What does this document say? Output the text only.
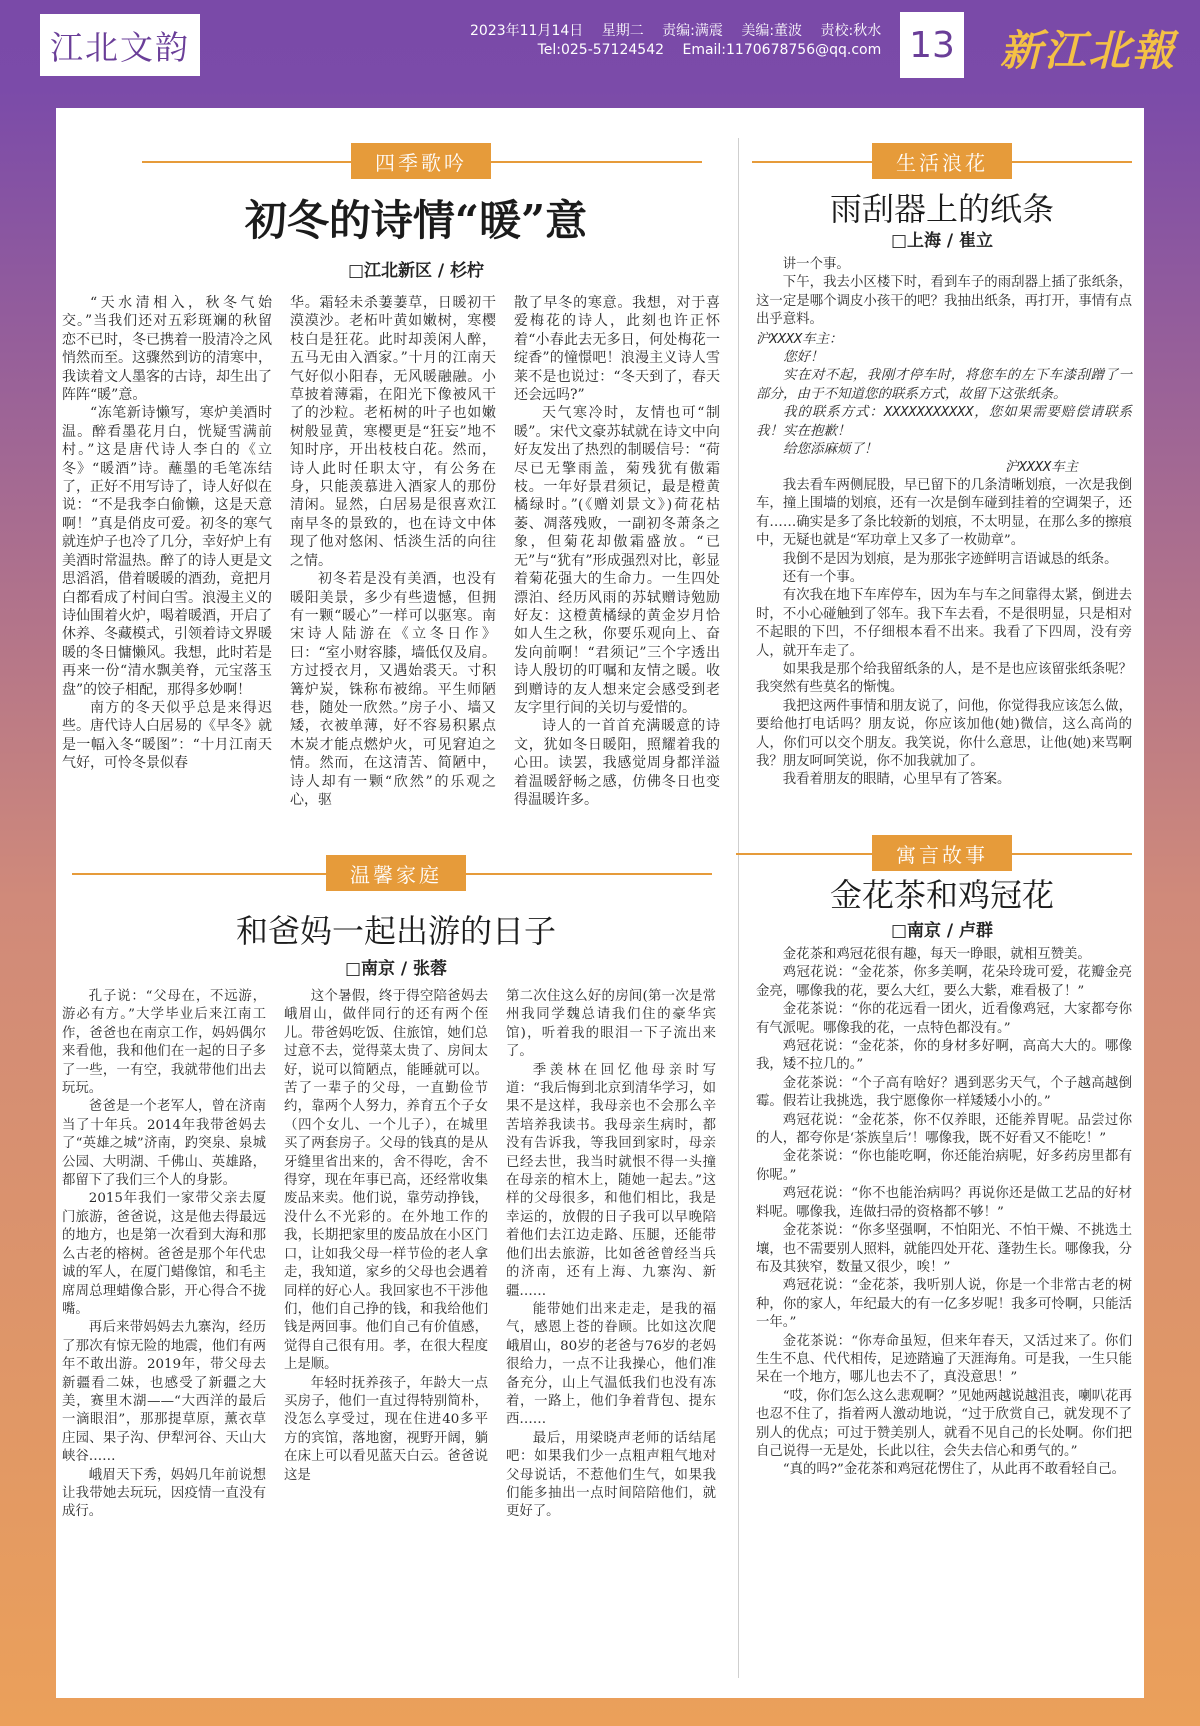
江北文韵	2023年11月14日 星期二 责编:满震 美编:董波 责校:秋水
Tel:025-57124542 Email:1170678756@qq.com 13 新江北報
四季歌吟
初冬的诗情“暖”意
□江北新区 / 杉柠

“天水清相入，秋冬气始交。”当我们还对五彩斑斓的秋留恋不已时，冬已携着一股清冷之风悄然而至。这骤然到访的清寒中，我读着文人墨客的古诗，却生出了阵阵“暖”意。

“冻笔新诗懒写，寒炉美酒时温。醉看墨花月白，恍疑雪满前村。”这是唐代诗人李白的《立冬》“暖酒”诗。蘸墨的毛笔冻结了，正好不用写诗了，诗人好似在说：“不是我李白偷懒，这是天意啊！”真是俏皮可爱。初冬的寒气就连炉子也冷了几分，幸好炉上有美酒时常温热。醉了的诗人更是文思滔滔，借着暖暖的酒劲，竟把月白都看成了村间白雪。浪漫主义的诗仙围着火炉，喝着暖酒，开启了休养、冬藏模式，引领着诗文界暖暖的冬日慵懒风。我想，此时若是再来一份“清水飘美脊，元宝落玉盘”的饺子相配，那得多妙啊！

南方的冬天似乎总是来得迟些。唐代诗人白居易的《早冬》就是一幅入冬“暖图”：“十月江南天气好，可怜冬景似春

华。霜轻未杀萋萋草，日暖初干漠漠沙。老柘叶黄如嫩树，寒樱枝白是狂花。此时却羡闲人醉，五马无由入酒家。”十月的江南天气好似小阳春，无风暖融融。小草披着薄霜，在阳光下像被风干了的沙粒。老柘树的叶子也如嫩树般显黄，寒樱更是“狂妄”地不知时序，开出枝枝白花。然而，诗人此时任职太守，有公务在身，只能羡慕进入酒家人的那份清闲。显然，白居易是很喜欢江南早冬的景致的，也在诗文中体现了他对悠闲、恬淡生活的向往之情。

初冬若是没有美酒，也没有暖阳美景，多少有些遗憾，但拥有一颗“暖心”一样可以驱寒。南宋诗人陆游在《立冬日作》曰：“室小财容膝，墙低仅及肩。方过授衣月，又遇始裘天。寸积篝炉炭，铢称布被绵。平生师陋巷，随处一欣然。”房子小、墙又矮，衣被单薄，好不容易积累点木炭才能点燃炉火，可见窘迫之情。然而，在这清苦、简陋中，诗人却有一颗“欣然”的乐观之心，驱

散了早冬的寒意。我想，对于喜爱梅花的诗人，此刻也许正怀着“小春此去无多日，何处梅花一绽香”的憧憬吧！浪漫主义诗人雪莱不是也说过：“冬天到了，春天还会远吗?”

天气寒冷时，友情也可“制暖”。宋代文豪苏轼就在诗文中向好友发出了热烈的制暖信号：“荷尽已无擎雨盖，菊残犹有傲霜枝。一年好景君须记，最是橙黄橘绿时。”(《赠刘景文》)荷花枯萎、凋落残败，一副初冬萧条之象，但菊花却傲霜盛放。“已无”与“犹有”形成强烈对比，彰显着菊花强大的生命力。一生四处漂泊、经历风雨的苏轼赠诗勉励好友：这橙黄橘绿的黄金岁月恰如人生之秋，你要乐观向上、奋发向前啊！“君须记”三个字透出诗人殷切的叮嘱和友情之暖。收到赠诗的友人想来定会感受到老友字里行间的关切与爱惜的。

诗人的一首首充满暖意的诗文，犹如冬日暖阳，照耀着我的心田。读罢，我感觉周身都洋溢着温暖舒畅之感，仿佛冬日也变得温暖许多。

温馨家庭
和爸妈一起出游的日子
□南京 / 张蓉

孔子说：“父母在，不远游，游必有方。”大学毕业后来江南工作，爸爸也在南京工作，妈妈偶尔来看他，我和他们在一起的日子多了一些，一有空，我就带他们出去玩玩。

爸爸是一个老军人，曾在济南当了十年兵。2014年我带爸妈去了“英雄之城”济南，趵突泉、泉城公园、大明湖、千佛山、英雄路，都留下了我们三个人的身影。

2015年我们一家带父亲去厦门旅游，爸爸说，这是他去得最远的地方，也是第一次看到大海和那么古老的榕树。爸爸是那个年代忠诚的军人，在厦门蜡像馆，和毛主席周总理蜡像合影，开心得合不拢嘴。

再后来带妈妈去九寨沟，经历了那次有惊无险的地震，他们有两年不敢出游。2019年，带父母去新疆看二妹，也感受了新疆之大美，赛里木湖——“大西洋的最后一滴眼泪”，那那提草原，薰衣草庄园、果子沟、伊犁河谷、天山大峡谷……

峨眉天下秀，妈妈几年前说想让我带她去玩玩，因疫情一直没有成行。

这个暑假，终于得空陪爸妈去峨眉山，做伴同行的还有两个侄儿。带爸妈吃饭、住旅馆，她们总过意不去，觉得菜太贵了、房间太好，说可以简陋点，能睡就可以。苦了一辈子的父母，一直勤俭节约，靠两个人努力，养育五个子女（四个女儿、一个儿子），在城里买了两套房子。父母的钱真的是从牙缝里省出来的，舍不得吃，舍不得穿，现在年事已高，还经常收集废品来卖。他们说，靠劳动挣钱，没什么不光彩的。在外地工作的我，长期把家里的废品放在小区门口，让如我父母一样节俭的老人拿走，我知道，家乡的父母也会遇着同样的好心人。我回家也不干涉他们，他们自己挣的钱，和我给他们钱是两回事。他们自己有价值感，觉得自己很有用。孝，在很大程度上是顺。

年轻时抚养孩子，年龄大一点买房子，他们一直过得特别简朴，没怎么享受过，现在住进40多平方的宾馆，落地窗，视野开阔，躺在床上可以看见蓝天白云。爸爸说这是

第二次住这么好的房间(第一次是常州我同学魏总请我们住的豪华宾馆)，听着我的眼泪一下子流出来了。

季羡林在回忆他母亲时写道：“我后悔到北京到清华学习，如果不是这样，我母亲也不会那么辛苦培养我读书。我母亲生病时，都没有告诉我，等我回到家时，母亲已经去世，我当时就恨不得一头撞在母亲的棺木上，随她一起去。”这样的父母很多，和他们相比，我是幸运的，放假的日子我可以早晚陪着他们去江边走路、压腿，还能带他们出去旅游，比如爸爸曾经当兵的济南，还有上海、九寨沟、新疆……

能带她们出来走走，是我的福气，感恩上苍的眷顾。比如这次爬峨眉山，80岁的老爸与76岁的老妈很给力，一点不让我操心，他们准备充分，山上气温低我们也没有冻着，一路上，他们争着背包、提东西……

最后，用梁晓声老师的话结尾吧：如果我们少一点粗声粗气地对父母说话，不惹他们生气，如果我们能多抽出一点时间陪陪他们，就更好了。

生活浪花
雨刮器上的纸条
□上海 / 崔立

讲一个事。

下午，我去小区楼下时，看到车子的雨刮器上插了张纸条，这一定是哪个调皮小孩干的吧？我抽出纸条，再打开，事情有点出乎意料。

沪XXXX车主：

您好！

实在对不起，我刚才停车时，将您车的左下车漆刮蹭了一部分，由于不知道您的联系方式，故留下这张纸条。

我的联系方式：XXXXXXXXXXX，您如果需要赔偿请联系我！实在抱歉！

给您添麻烦了！

沪XXXX车主

我去看车两侧屁股，早已留下的几条清晰划痕，一次是我倒车，撞上围墙的划痕，还有一次是倒车碰到挂着的空调架子，还有……确实是多了条比较新的划痕，不太明显，在那么多的擦痕中，无疑也就是“军功章上又多了一枚勋章”。

我倒不是因为划痕，是为那张字迹鲜明言语诚恳的纸条。

还有一个事。

有次我在地下车库停车，因为车与车之间靠得太紧，倒进去时，不小心碰触到了邻车。我下车去看，不是很明显，只是相对不起眼的下凹，不仔细根本看不出来。我看了下四周，没有旁人，就开车走了。

如果我是那个给我留纸条的人，是不是也应该留张纸条呢？我突然有些莫名的惭愧。

我把这两件事情和朋友说了，问他，你觉得我应该怎么做，要给他打电话吗？朋友说，你应该加他(她)微信，这么高尚的人，你们可以交个朋友。我笑说，你什么意思，让他(她)来骂啊我？朋友呵呵笑说，你不加我就加了。

我看着朋友的眼睛，心里早有了答案。

寓言故事
金花茶和鸡冠花
□南京 / 卢群

金花茶和鸡冠花很有趣，每天一睁眼，就相互赞美。

鸡冠花说：“金花茶，你多美啊，花朵玲珑可爱，花瓣金亮金亮，哪像我的花，要么大红，要么大紫，难看极了！”

金花茶说：“你的花远看一团火，近看像鸡冠，大家都夸你有气派呢。哪像我的花，一点特色都没有。”

鸡冠花说：“金花茶，你的身材多好啊，高高大大的。哪像我，矮不拉几的。”

金花茶说：“个子高有啥好？遇到恶劣天气，个子越高越倒霉。假若让我挑选，我宁愿像你一样矮矮小小的。”

鸡冠花说：“金花茶，你不仅养眼，还能养胃呢。品尝过你的人，都夸你是‘茶族皇后’！哪像我，既不好看又不能吃！”

金花茶说：“你也能吃啊，你还能治病呢，好多药房里都有你呢。”

鸡冠花说：“你不也能治病吗？再说你还是做工艺品的好材料呢。哪像我，连做扫帚的资格都不够！”

金花茶说：“你多坚强啊，不怕阳光、不怕干燥、不挑选土壤，也不需要别人照料，就能四处开花、蓬勃生长。哪像我，分布及其狭窄，数量又很少，唉！”

鸡冠花说：“金花茶，我听别人说，你是一个非常古老的树种，你的家人，年纪最大的有一亿多岁呢！我多可怜啊，只能活一年。”

金花茶说：“你寿命虽短，但来年春天，又活过来了。你们生生不息、代代相传，足迹踏遍了天涯海角。可是我，一生只能呆在一个地方，哪儿也去不了，真没意思！”

“哎，你们怎么这么悲观啊？”见她两越说越沮丧，喇叭花再也忍不住了，指着两人激动地说，“过于欣赏自己，就发现不了别人的优点；可过于赞美别人，就看不见自己的长处啊。你们把自己说得一无是处，长此以往，会失去信心和勇气的。”

“真的吗?”金花茶和鸡冠花愣住了，从此再不敢看轻自己。
